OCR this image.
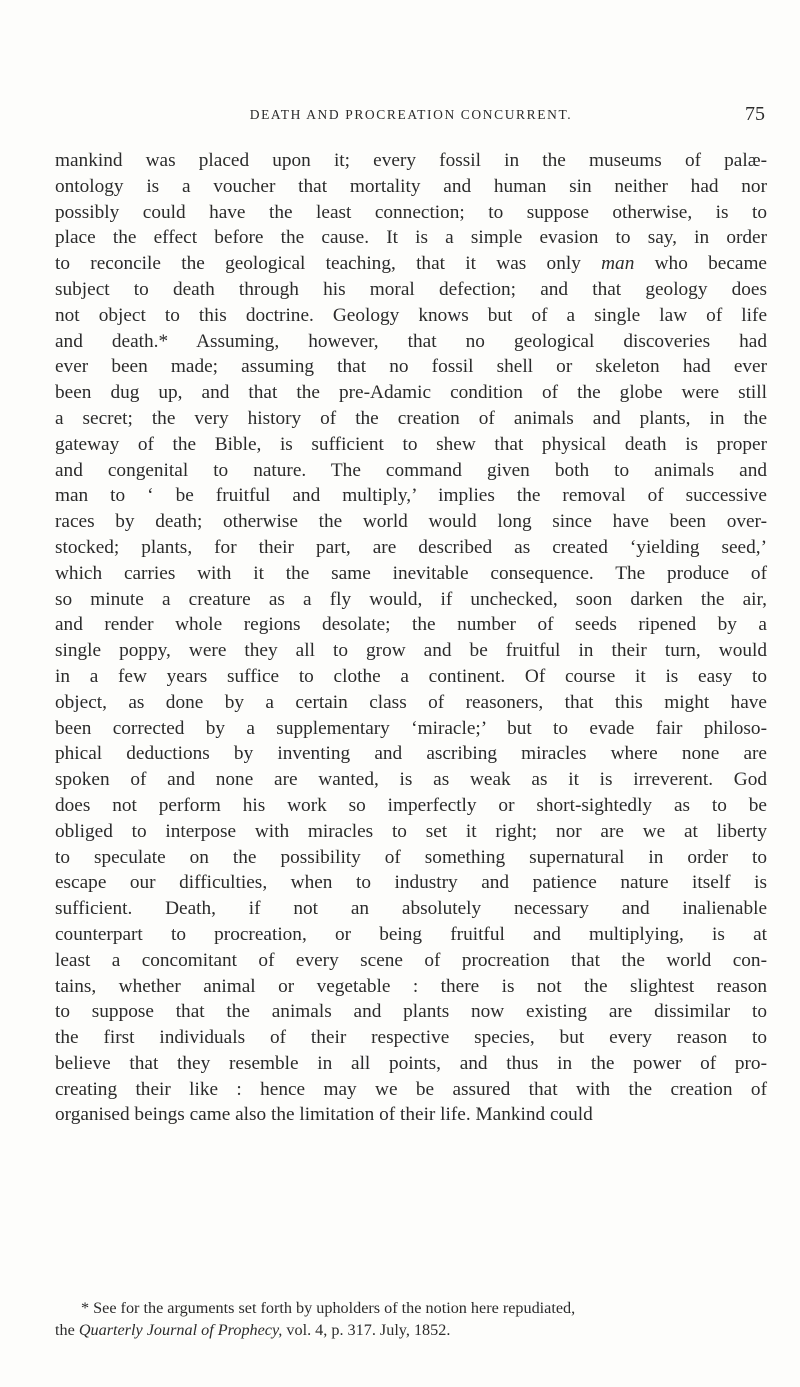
DEATH AND PROCREATION CONCURRENT.	75
mankind was placed upon it; every fossil in the museums of palæ-
ontology is a voucher that mortality and human sin neither had nor
possibly could have the least connection; to suppose otherwise, is to
place the effect before the cause. It is a simple evasion to say, in order
to reconcile the geological teaching, that it was only man who became
subject to death through his moral defection; and that geology does
not object to this doctrine. Geology knows but of a single law of life
and death.* Assuming, however, that no geological discoveries had
ever been made; assuming that no fossil shell or skeleton had ever
been dug up, and that the pre-Adamic condition of the globe were still
a secret; the very history of the creation of animals and plants, in the
gateway of the Bible, is sufficient to shew that physical death is proper
and congenital to nature. The command given both to animals and
man to ‘ be fruitful and multiply,’ implies the removal of successive
races by death; otherwise the world would long since have been over-
stocked; plants, for their part, are described as created ‘yielding seed,’
which carries with it the same inevitable consequence. The produce of
so minute a creature as a fly would, if unchecked, soon darken the air,
and render whole regions desolate; the number of seeds ripened by a
single poppy, were they all to grow and be fruitful in their turn, would
in a few years suffice to clothe a continent. Of course it is easy to
object, as done by a certain class of reasoners, that this might have
been corrected by a supplementary ‘miracle;’ but to evade fair philoso-
phical deductions by inventing and ascribing miracles where none are
spoken of and none are wanted, is as weak as it is irreverent. God
does not perform his work so imperfectly or short-sightedly as to be
obliged to interpose with miracles to set it right; nor are we at liberty
to speculate on the possibility of something supernatural in order to
escape our difficulties, when to industry and patience nature itself is
sufficient. Death, if not an absolutely necessary and inalienable
counterpart to procreation, or being fruitful and multiplying, is at
least a concomitant of every scene of procreation that the world con-
tains, whether animal or vegetable : there is not the slightest reason
to suppose that the animals and plants now existing are dissimilar to
the first individuals of their respective species, but every reason to
believe that they resemble in all points, and thus in the power of pro-
creating their like : hence may we be assured that with the creation of
organised beings came also the limitation of their life. Mankind could
* See for the arguments set forth by upholders of the notion here repudiated,
the Quarterly Journal of Prophecy, vol. 4, p. 317. July, 1852.
